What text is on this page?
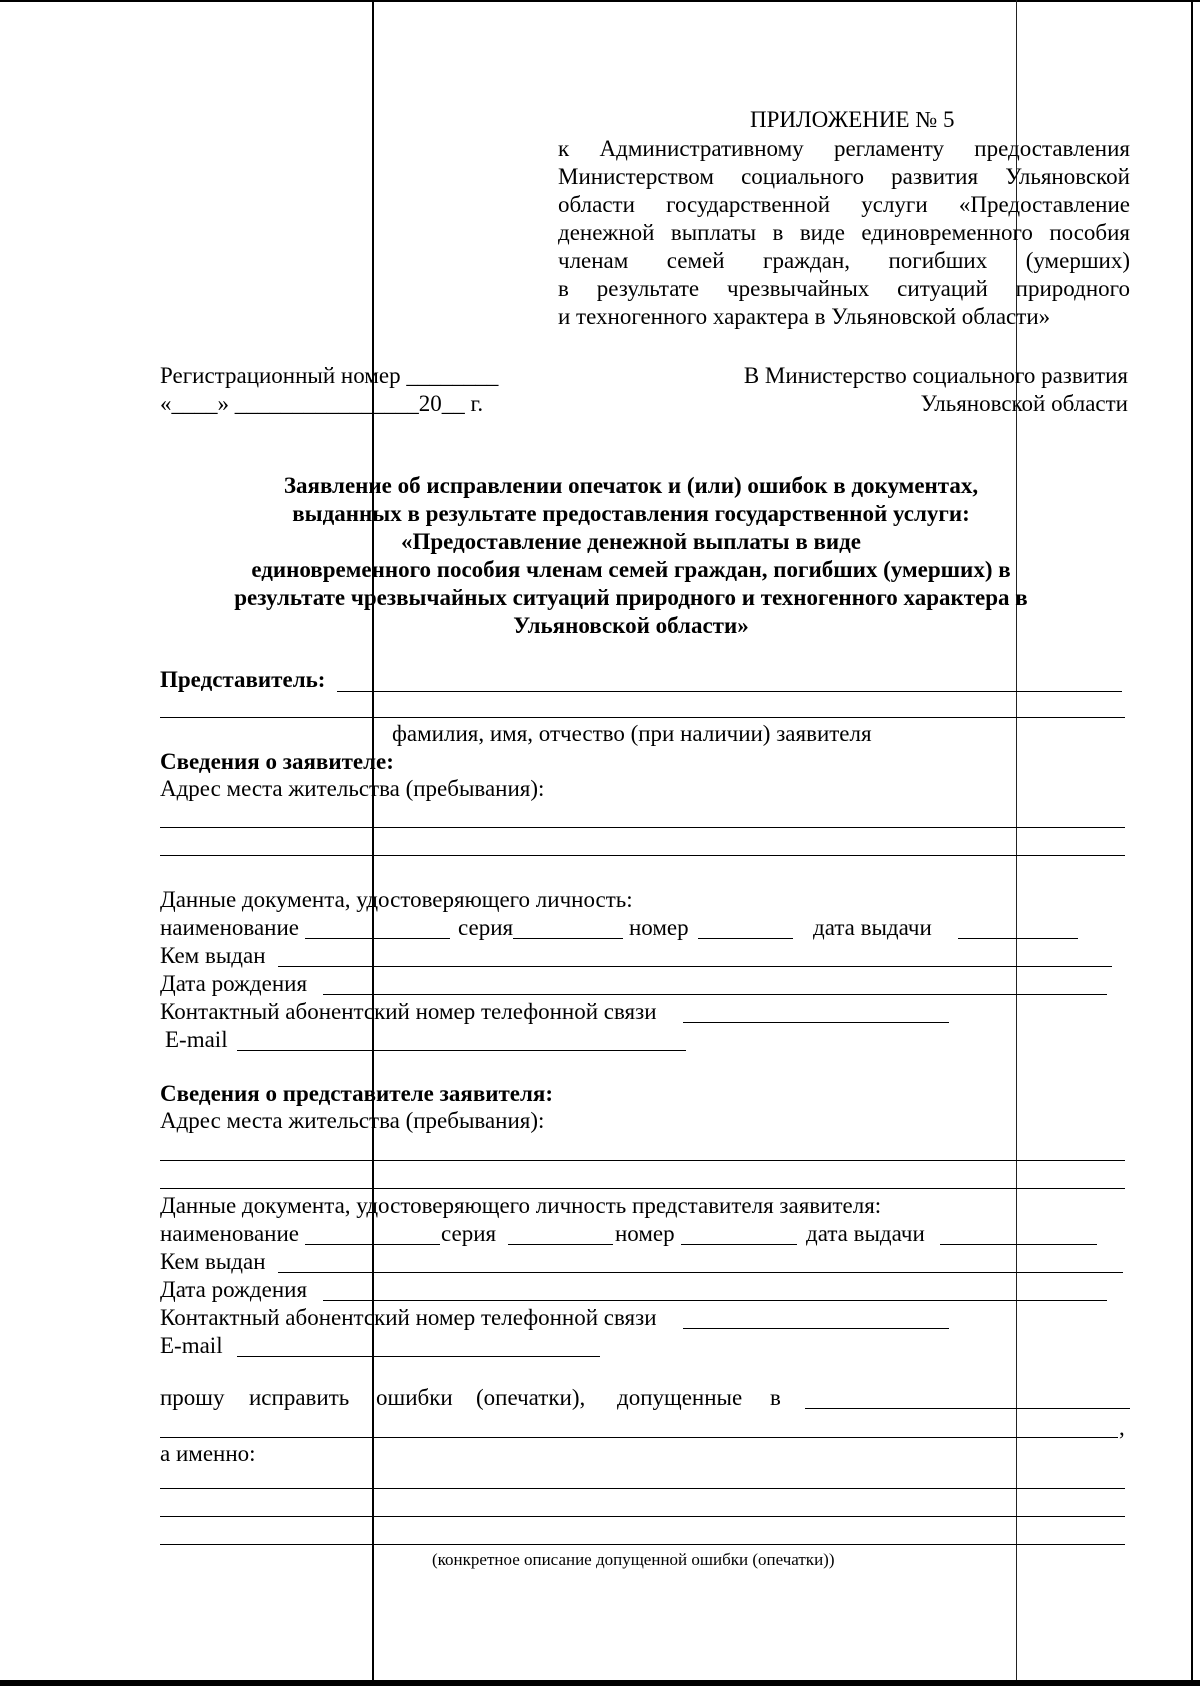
ПРИЛОЖЕНИЕ № 5
к Административному регламенту предоставления
Министерством социального развития Ульяновской
области государственной услуги «Предоставление
денежной выплаты в виде единовременного пособия
членам семей граждан, погибших (умерших)
в результате чрезвычайных ситуаций природного
и техногенного характера в Ульяновской области»
Регистрационный номер ________
«____» ________________20__ г.
В Министерство социального развития
Ульяновской области
Заявление об исправлении опечаток и (или) ошибок в документах,
выданных в результате предоставления государственной услуги:
«Предоставление денежной выплаты в виде
единовременного пособия членам семей граждан, погибших (умерших) в
результате чрезвычайных ситуаций природного и техногенного характера в
Ульяновской области»
Представитель:
фамилия, имя, отчество (при наличии) заявителя
Сведения о заявителе:
Адрес места жительства (пребывания):
Данные документа, удостоверяющего личность:
наименование	серия	номер	дата выдачи
Кем выдан
Дата рождения
Контактный абонентский номер телефонной связи
E-mail
Сведения о представителе заявителя:
Адрес места жительства (пребывания):
Данные документа, удостоверяющего личность представителя заявителя:
наименование	серия	номер	дата выдачи
Кем выдан
Дата рождения
Контактный абонентский номер телефонной связи
E-mail
прошу исправить ошибки (опечатки), допущенные в
,
а именно:
(конкретное описание допущенной ошибки (опечатки))
